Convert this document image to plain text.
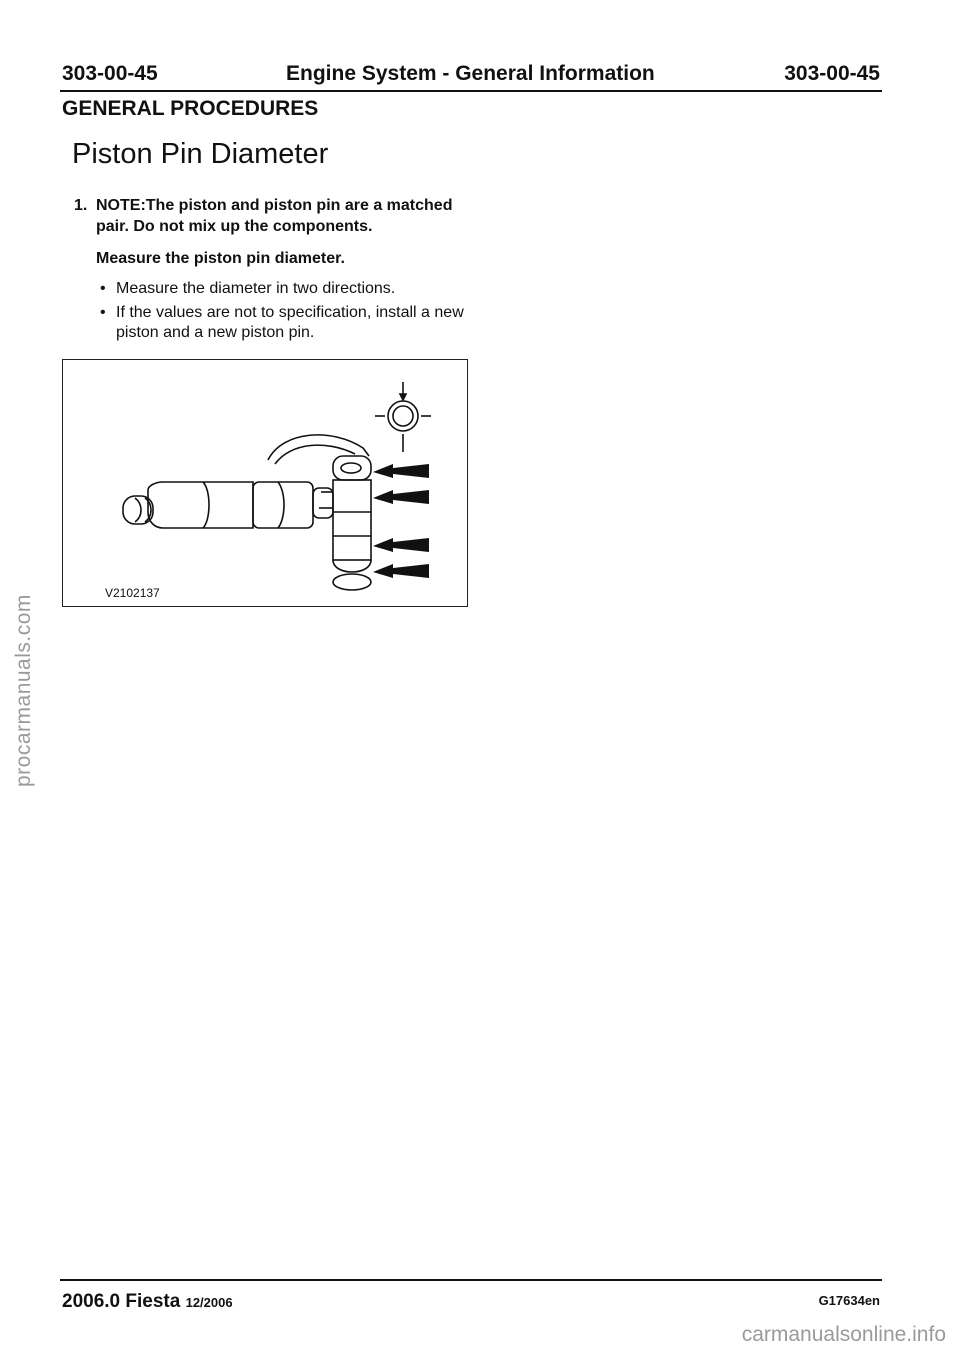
303-00-45	Engine System - General Information	303-00-45
GENERAL PROCEDURES
Piston Pin Diameter
1. NOTE:The piston and piston pin are a matched pair. Do not mix up the components.
Measure the piston pin diameter.
• Measure the diameter in two directions.
• If the values are not to specification, install a new piston and a new piston pin.
V2102137
procarmanuals.com
2006.0 Fiesta 12/2006	G17634en
carmanualsonline.info
